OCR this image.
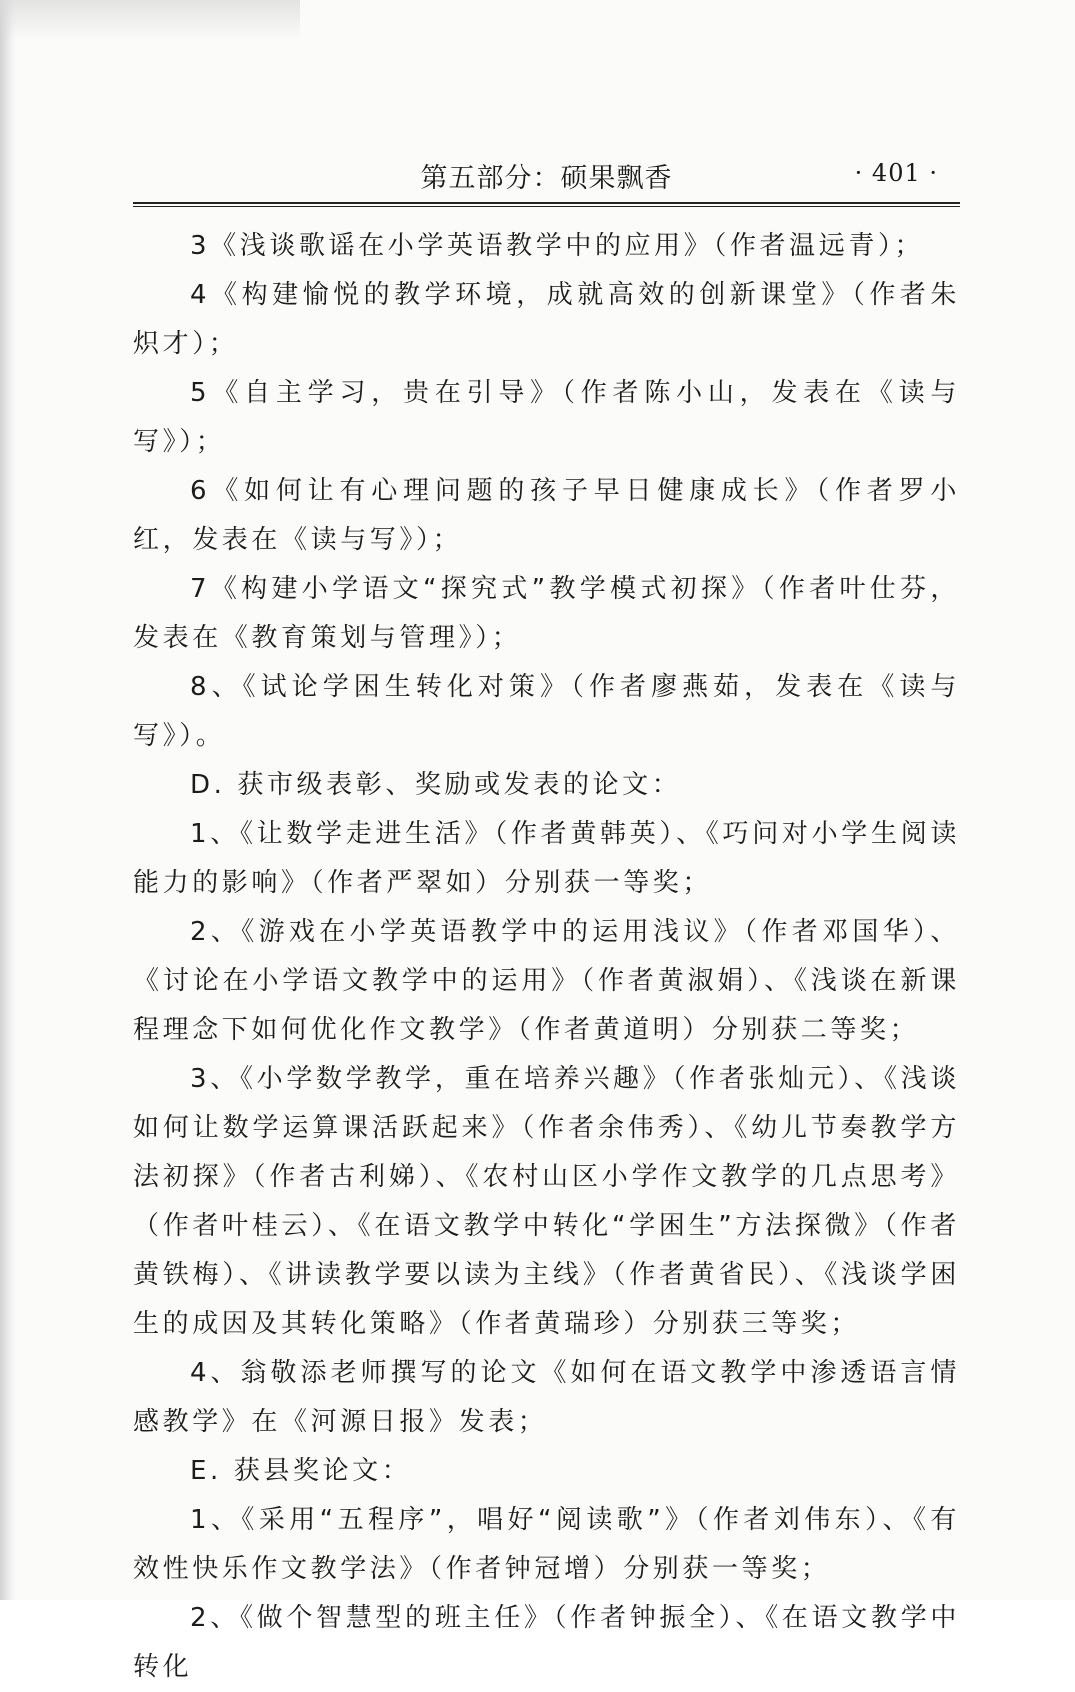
第五部分：硕果飘香	· 401 ·

3《浅谈歌谣在小学英语教学中的应用》（作者温远青）；

4《构建愉悦的教学环境，成就高效的创新课堂》（作者朱炽才）；

5《自主学习，贵在引导》（作者陈小山，发表在《读与写》）；

6《如何让有心理问题的孩子早日健康成长》（作者罗小红，发表在《读与写》）；

7《构建小学语文“探究式”教学模式初探》（作者叶仕芬，发表在《教育策划与管理》）；

8、《试论学困生转化对策》（作者廖燕茹，发表在《读与写》）。

D. 获市级表彰、奖励或发表的论文：

1、《让数学走进生活》（作者黄韩英）、《巧问对小学生阅读能力的影响》（作者严翠如）分别获一等奖；

2、《游戏在小学英语教学中的运用浅议》（作者邓国华）、《讨论在小学语文教学中的运用》（作者黄淑娟）、《浅谈在新课程理念下如何优化作文教学》（作者黄道明）分别获二等奖；

3、《小学数学教学，重在培养兴趣》（作者张灿元）、《浅谈如何让数学运算课活跃起来》（作者余伟秀）、《幼儿节奏教学方法初探》（作者古利娣）、《农村山区小学作文教学的几点思考》（作者叶桂云）、《在语文教学中转化“学困生”方法探微》（作者黄铁梅）、《讲读教学要以读为主线》（作者黄省民）、《浅谈学困生的成因及其转化策略》（作者黄瑞珍）分别获三等奖；

4、翁敬添老师撰写的论文《如何在语文教学中渗透语言情感教学》在《河源日报》发表；

E. 获县奖论文：

1、《采用“五程序”，唱好“阅读歌”》（作者刘伟东）、《有效性快乐作文教学法》（作者钟冠增）分别获一等奖；

2、《做个智慧型的班主任》（作者钟振全）、《在语文教学中转化
